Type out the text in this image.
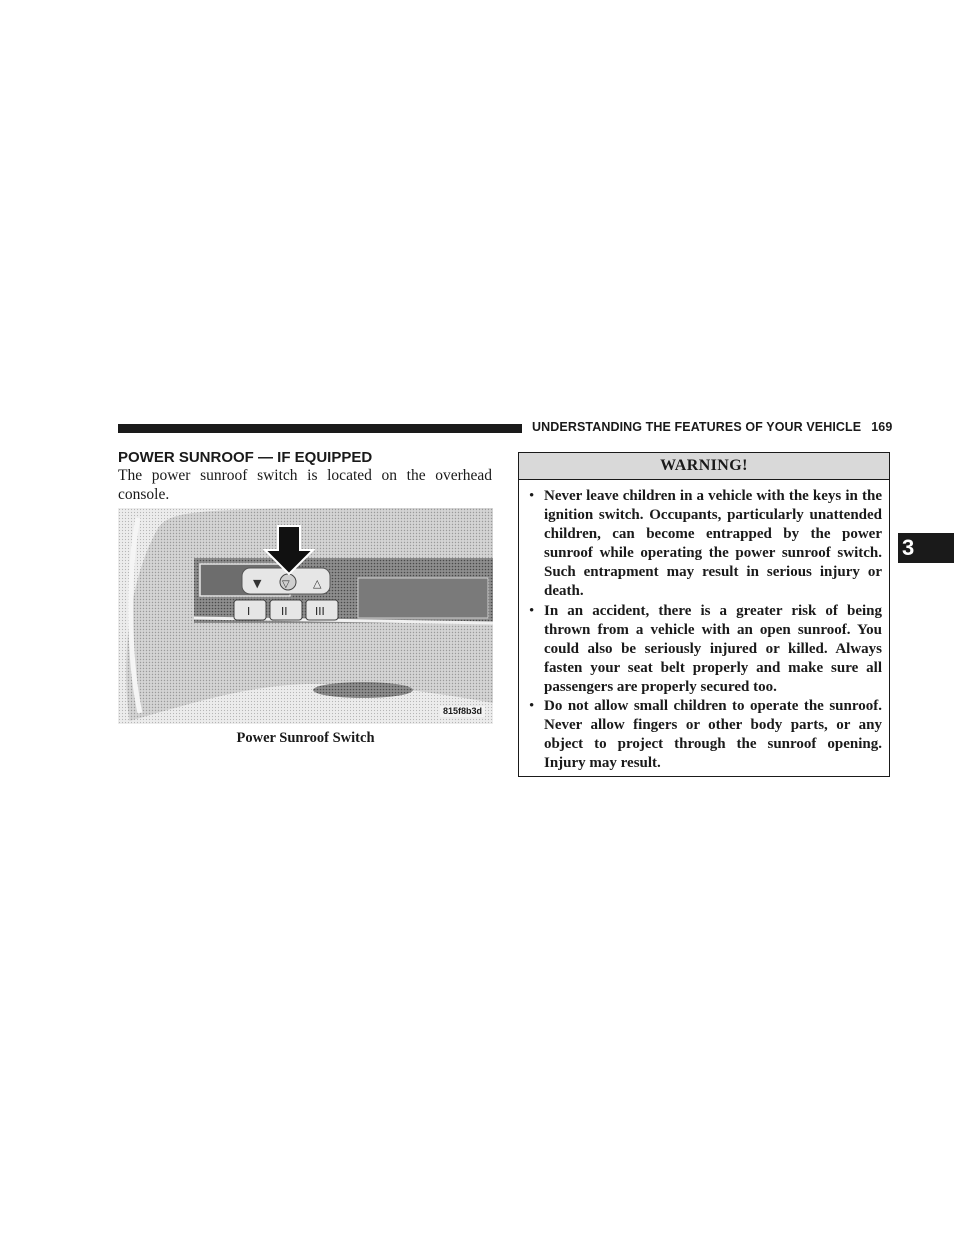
UNDERSTANDING THE FEATURES OF YOUR VEHICLE 169
POWER SUNROOF — IF EQUIPPED
The power sunroof switch is located on the overhead console.
▼ ▽ △
I	II	III
815f8b3d
Power Sunroof Switch
WARNING!
• Never leave children in a vehicle with the keys in the ignition switch. Occupants, particularly unattended children, can become entrapped by the power sunroof while operating the power sunroof switch. Such entrapment may result in serious injury or death.
• In an accident, there is a greater risk of being thrown from a vehicle with an open sunroof. You could also be seriously injured or killed. Always fasten your seat belt properly and make sure all passengers are properly secured too.
• Do not allow small children to operate the sunroof. Never allow fingers or other body parts, or any object to project through the sunroof opening. Injury may result.
3
